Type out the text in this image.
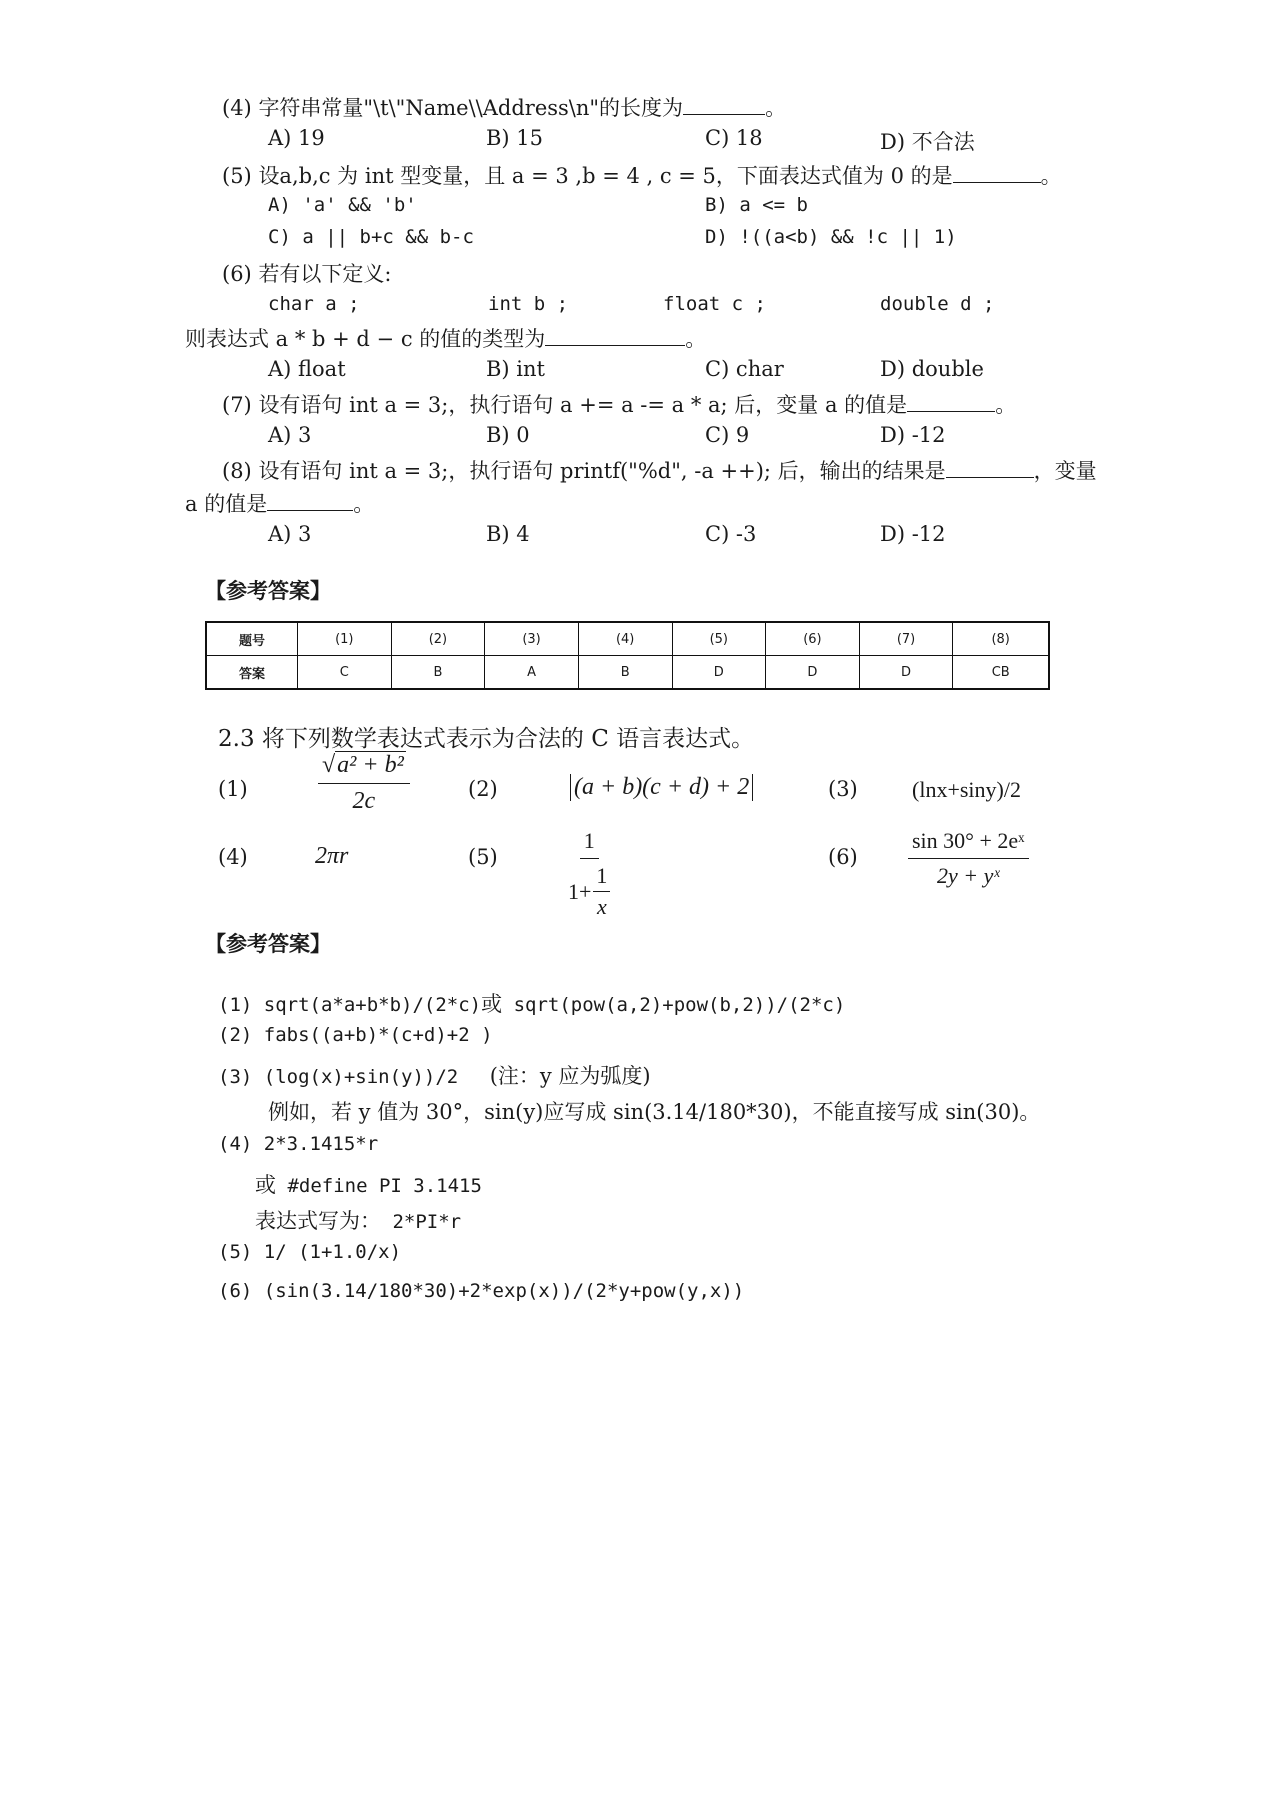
(4) 字符串常量"\t\"Name\\Address\n"的长度为	。
A) 19	B) 15	C) 18	D) 不合法
(5) 设a,b,c 为 int 型变量，且 a = 3 ,b = 4 , c = 5，下面表达式值为 0 的是	。
A) 'a' && 'b'	B) a <= b
C) a || b+c && b-c	D) !((a<b) && !c || 1)
(6) 若有以下定义:
char a ;	int b ;	float c ;	double d ;
则表达式 a * b + d − c 的值的类型为	。
A) float	B) int	C) char	D) double
(7) 设有语句 int a = 3;，执行语句 a += a -= a * a; 后，变量 a 的值是	。
A) 3	B) 0	C) 9	D) -12
(8) 设有语句 int a = 3;，执行语句 printf("%d", -a ++); 后，输出的结果是	，变量
a 的值是	。
A) 3	B) 4	C) -3	D) -12
【参考答案】
题号	(1)	(2)	(3)	(4)	(5)	(6)	(7)	(8)
答案	C	B	A	B	D	D	D	CB
2.3 将下列数学表达式表示为合法的 C 语言表达式。
(1)	(2)	(3)
$\frac{\text{√a² + b²}}{2c}$	(a + b)(c + d) + 2	(lnx+siny)/2
(4)	(5)	(6)
2πr	$\frac{1}{1+ \frac{1}{x}}$	$\frac{\text{sin 30° + 2eˣ}}{\text{2y + yˣ}}$
【参考答案】
(1) sqrt(a*a+b*b)/(2*c)或 sqrt(pow(a,2)+pow(b,2))/(2*c)
(2) fabs((a+b)*(c+d)+2 )
(3) (log(x)+sin(y))/2 (注：y 应为弧度)
例如，若 y 值为 30°，sin(y)应写成 sin(3.14/180*30)，不能直接写成 sin(30)。
(4) 2*3.1415*r
或 #define PI 3.1415
表达式写为： 2*PI*r
(5) 1/ (1+1.0/x)
(6) (sin(3.14/180*30)+2*exp(x))/(2*y+pow(y,x))
